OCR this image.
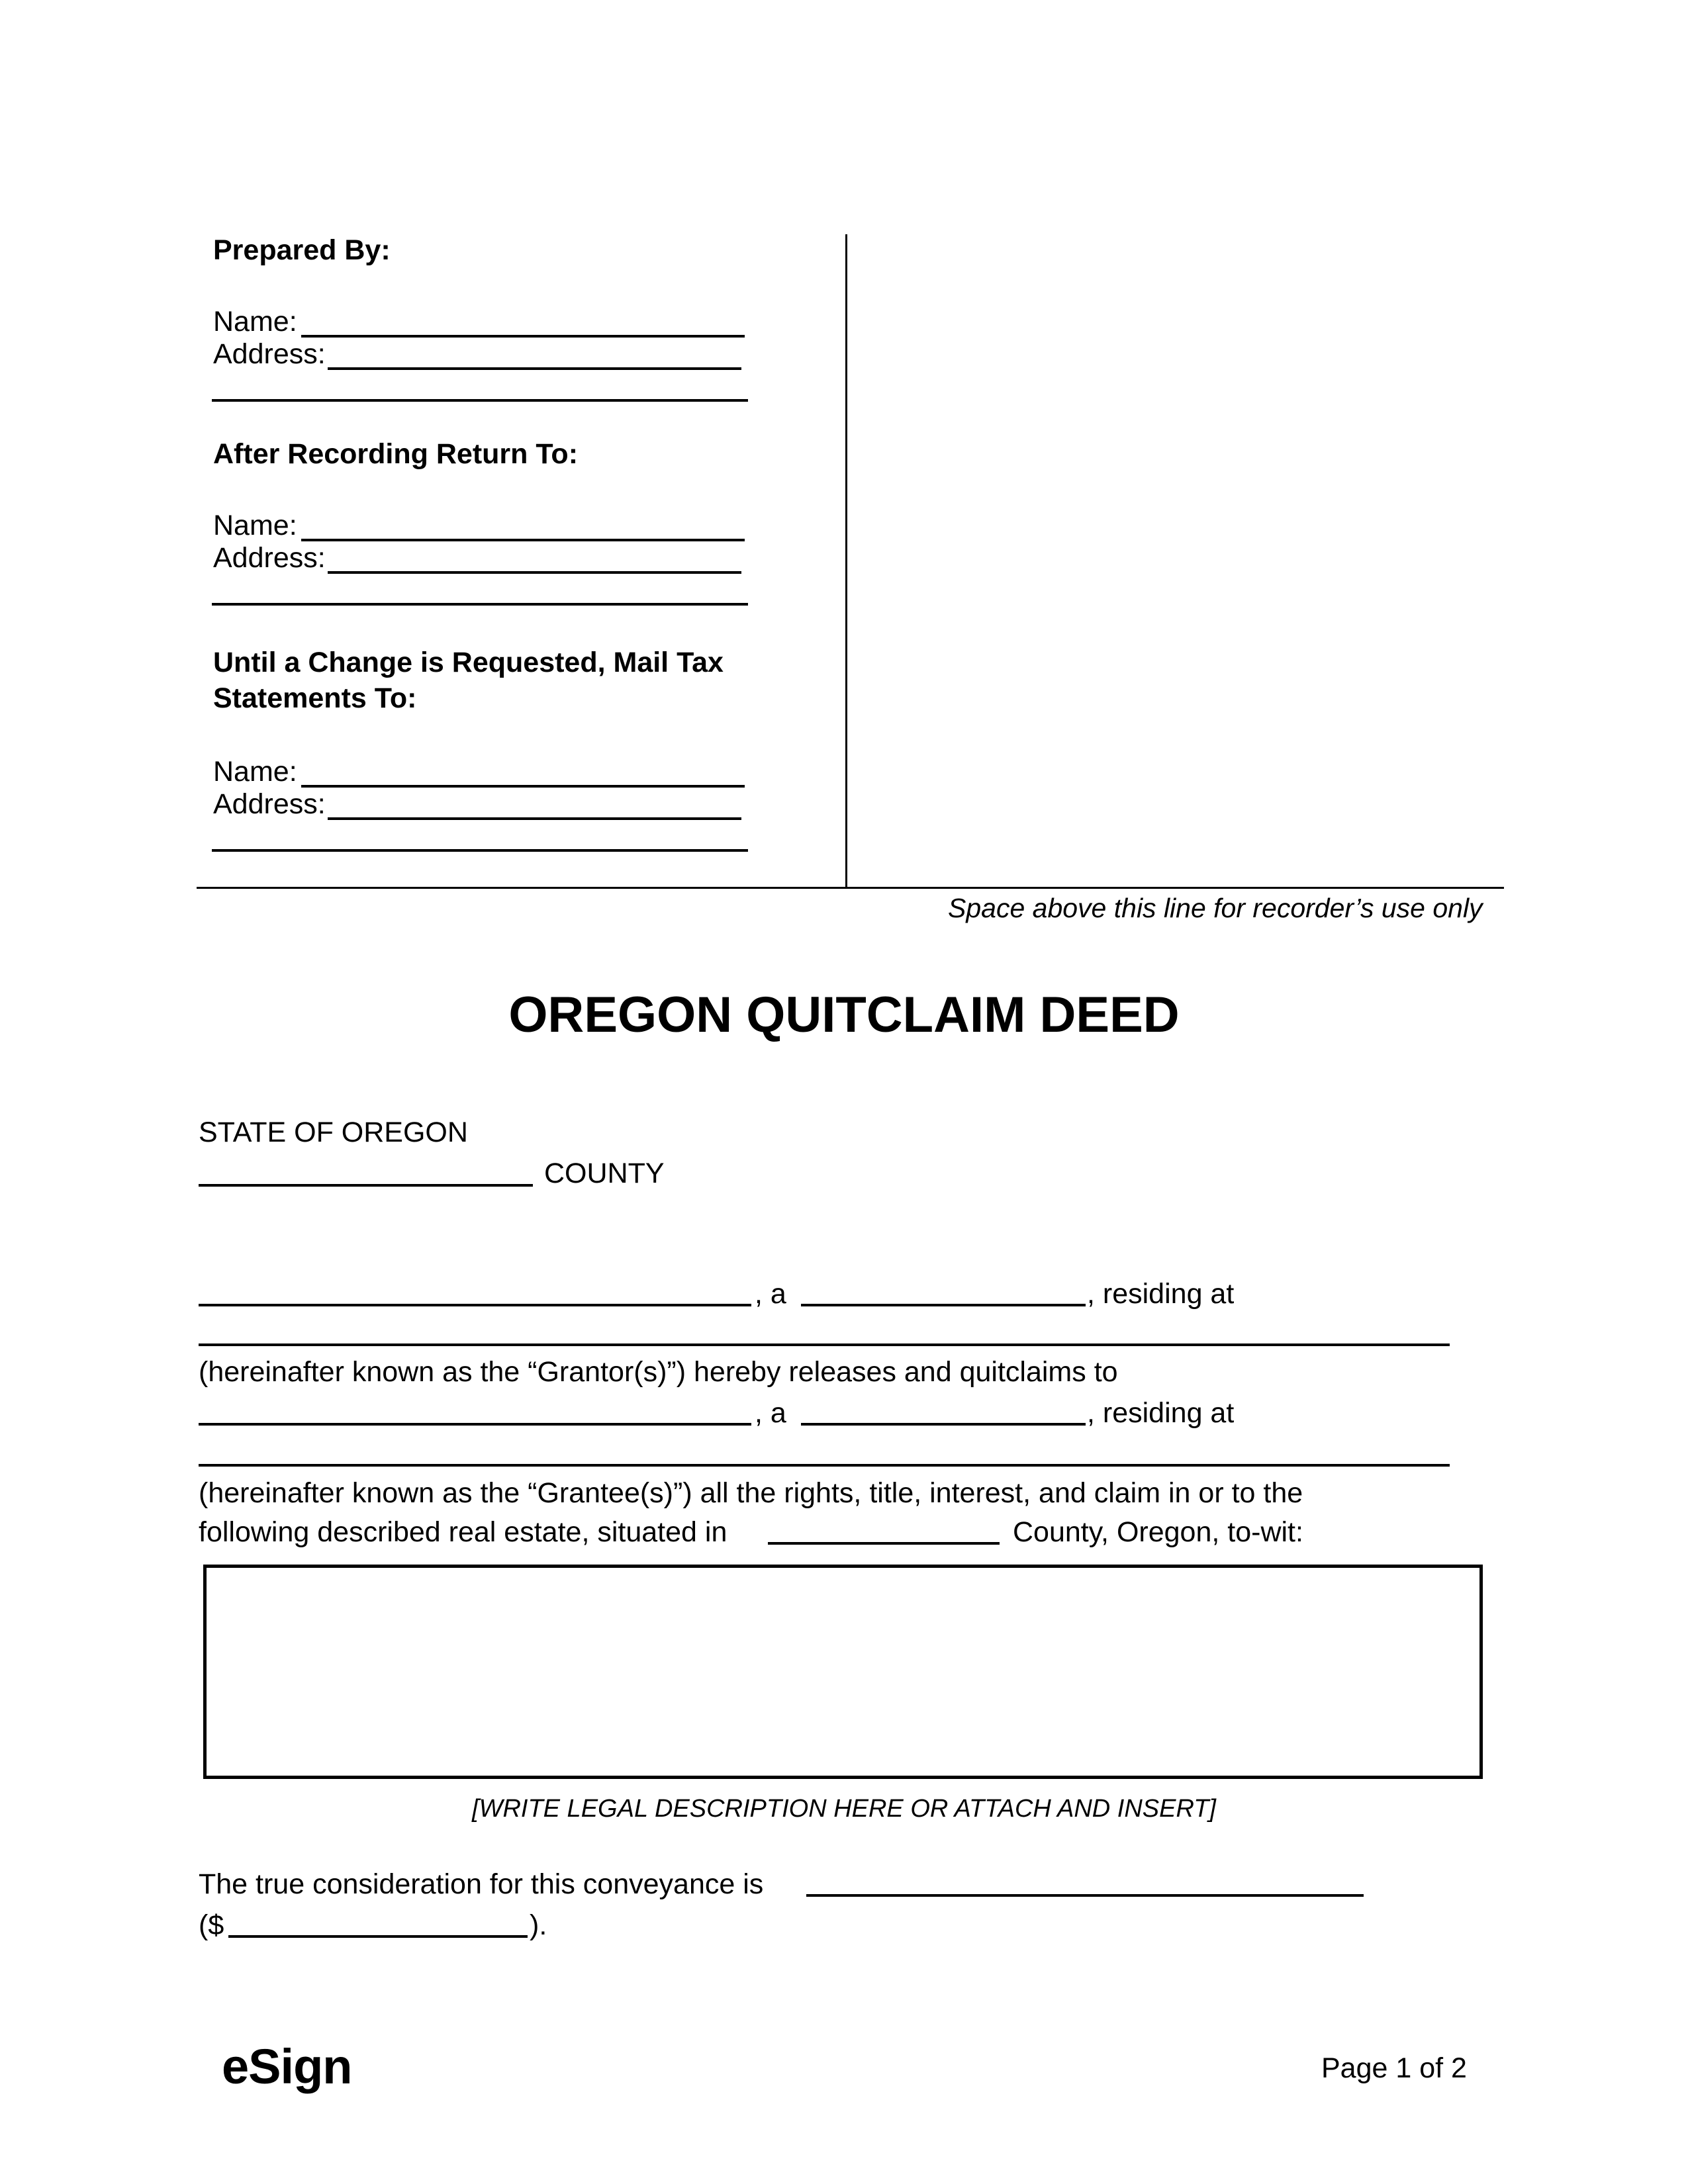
Prepared By:
Name:
Address:
After Recording Return To:
Name:
Address:
Until a Change is Requested, Mail Tax
Statements To:
Name:
Address:
Space above this line for recorder’s use only
OREGON QUITCLAIM DEED
STATE OF OREGON
COUNTY
, a	, residing at
(hereinafter known as the “Grantor(s)”) hereby releases and quitclaims to
, a	, residing at
(hereinafter known as the “Grantee(s)”) all the rights, title, interest, and claim in or to the
following described real estate, situated in	County, Oregon, to-wit:
[WRITE LEGAL DESCRIPTION HERE OR ATTACH AND INSERT]
The true consideration for this conveyance is
($	).
eSign	Page 1 of 2
